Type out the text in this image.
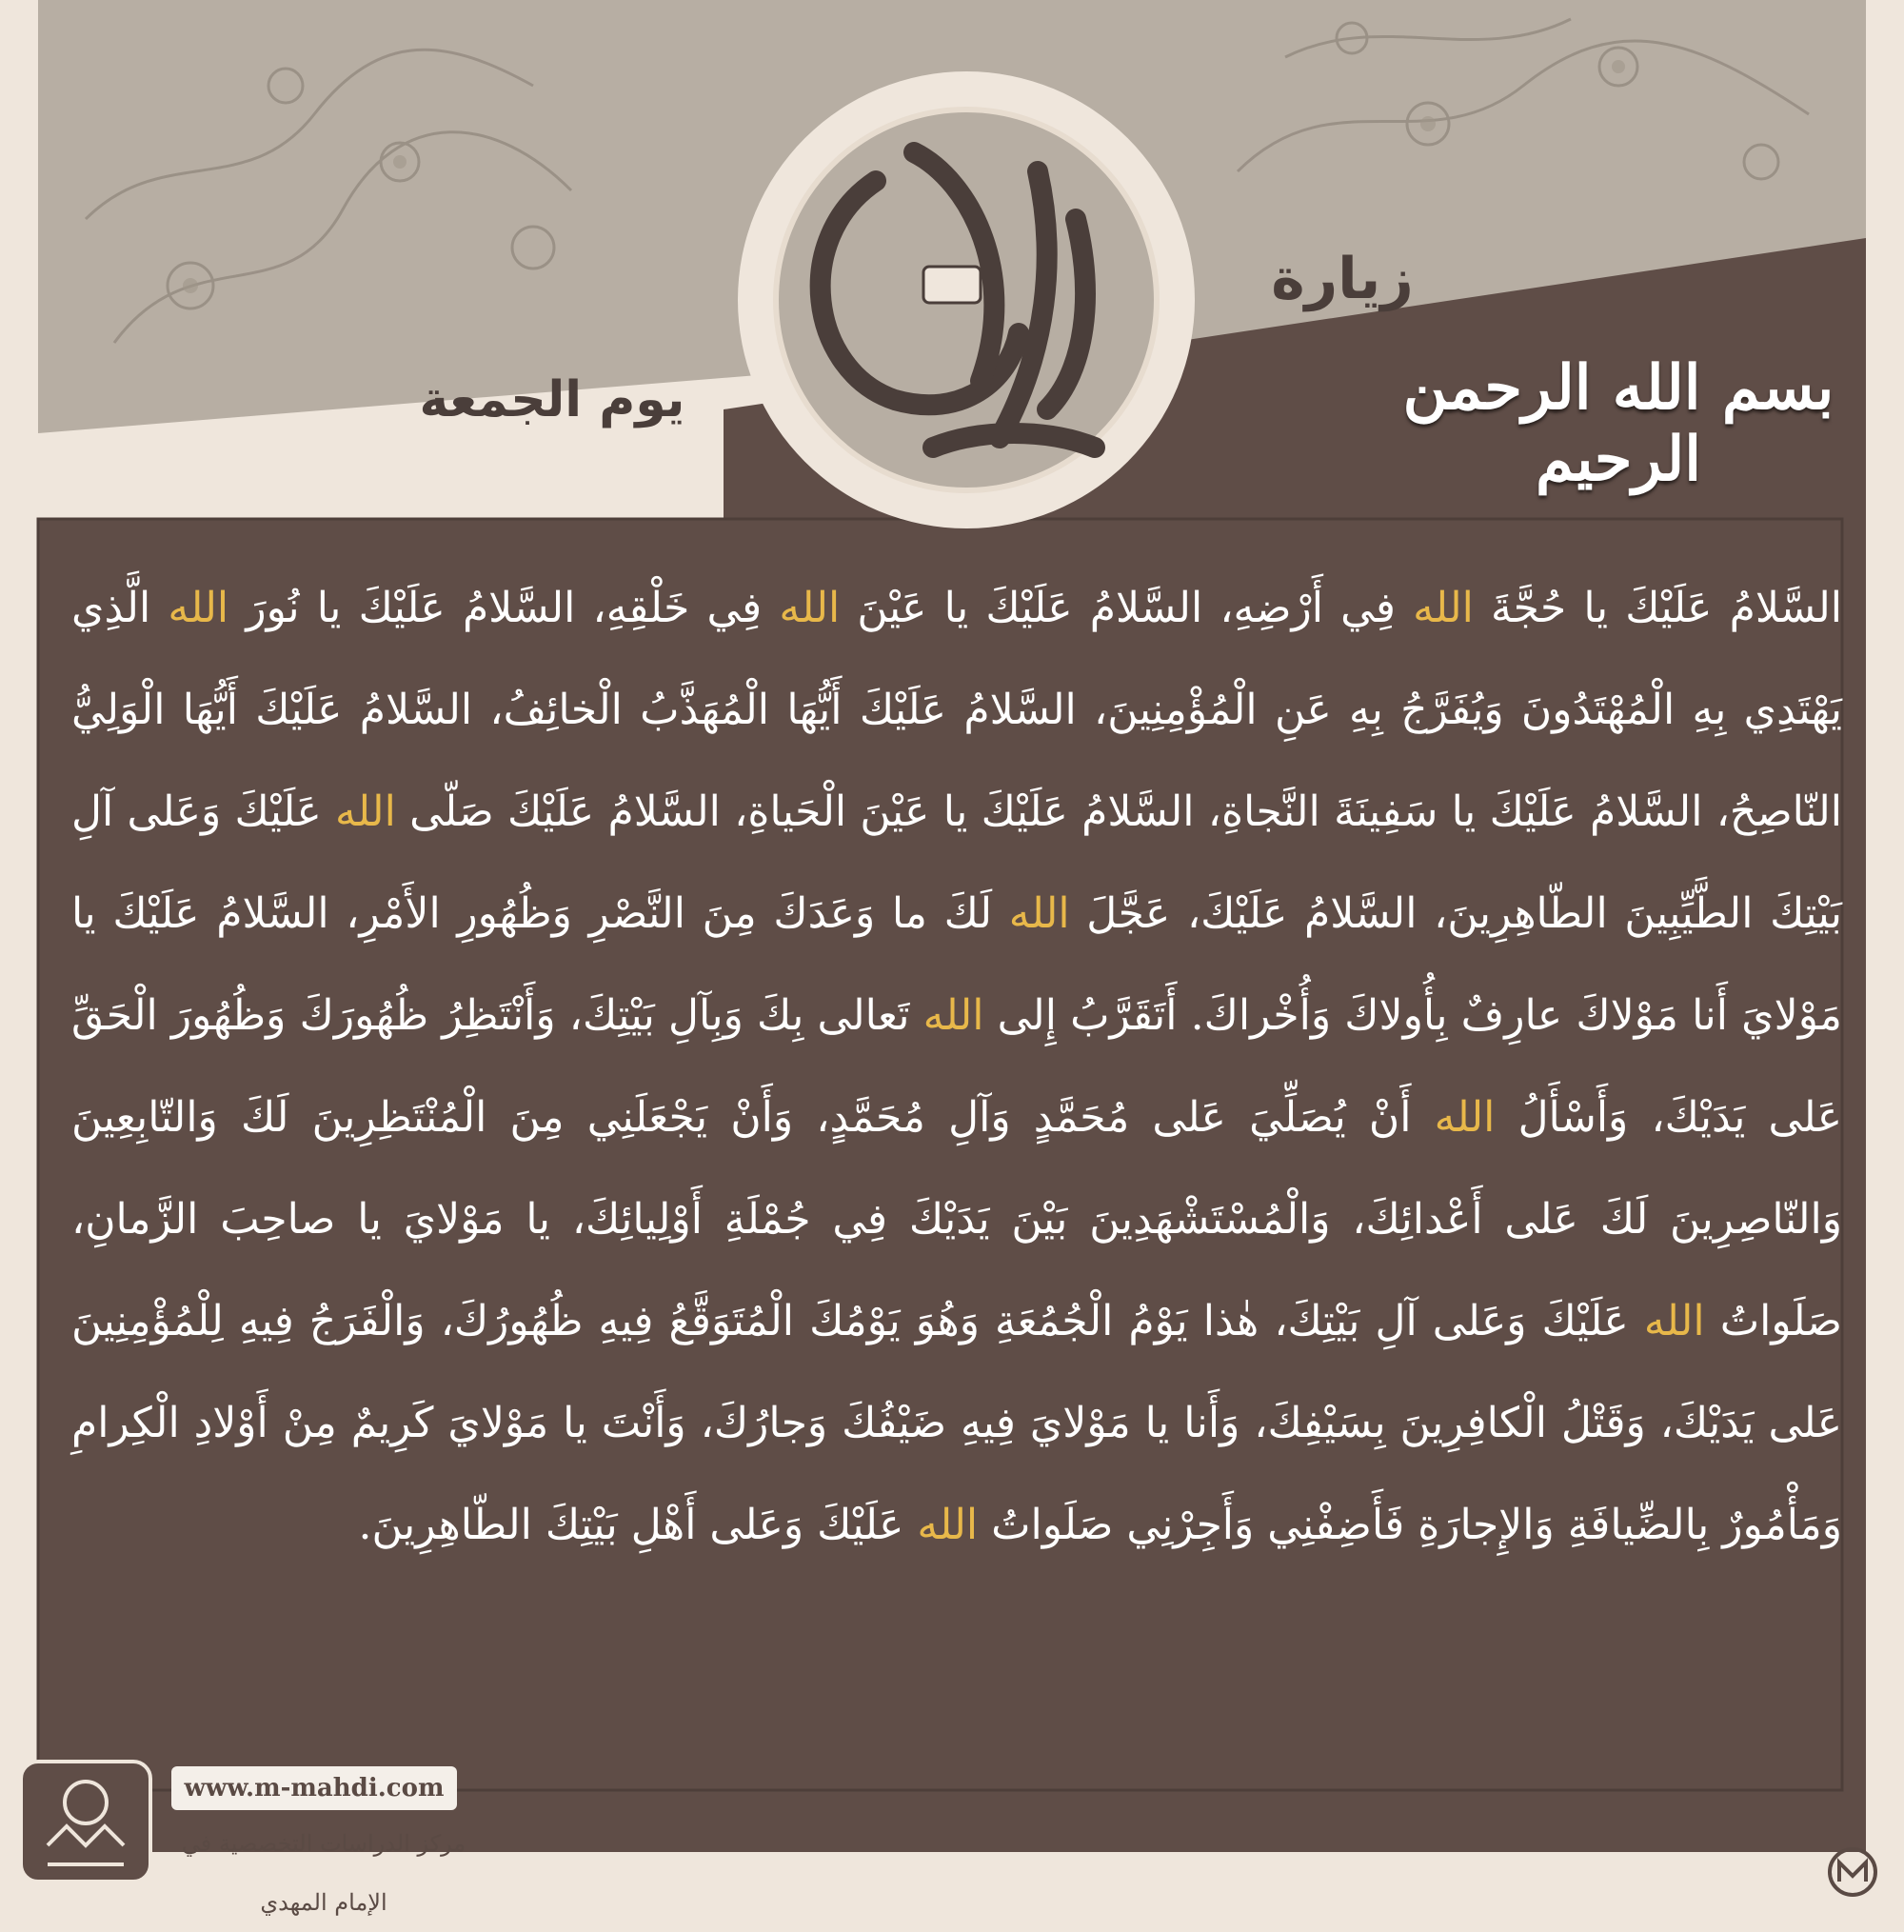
زيارة
يوم الجمعة	بسم الله الرحمن الرحيم
السَّلامُ عَلَيْكَ يا حُجَّةَ الله فِي أَرْضِهِ، السَّلامُ عَلَيْكَ يا عَيْنَ الله فِي خَلْقِهِ، السَّلامُ عَلَيْكَ يا نُورَ الله الَّذِي يَهْتَدِي بِهِ الْمُهْتَدُونَ وَيُفَرَّجُ بِهِ عَنِ الْمُؤْمِنِينَ، السَّلامُ عَلَيْكَ أَيُّهَا الْمُهَذَّبُ الْخائِفُ، السَّلامُ عَلَيْكَ أَيُّهَا الْوَلِيُّ النّاصِحُ، السَّلامُ عَلَيْكَ يا سَفِينَةَ النَّجاةِ، السَّلامُ عَلَيْكَ يا عَيْنَ الْحَياةِ، السَّلامُ عَلَيْكَ صَلّى الله عَلَيْكَ وَعَلى آلِ بَيْتِكَ الطَّيِّبِينَ الطّاهِرِينَ، السَّلامُ عَلَيْكَ، عَجَّلَ الله لَكَ ما وَعَدَكَ مِنَ النَّصْرِ وَظُهُورِ الأَمْرِ، السَّلامُ عَلَيْكَ يا مَوْلايَ أَنا مَوْلاكَ عارِفٌ بِأُولاكَ وَأُخْراكَ. أَتَقَرَّبُ إِلى الله تَعالى بِكَ وَبِآلِ بَيْتِكَ، وَأَنْتَظِرُ ظُهُورَكَ وَظُهُورَ الْحَقِّ عَلى يَدَيْكَ، وَأَسْأَلُ الله أَنْ يُصَلِّيَ عَلى مُحَمَّدٍ وَآلِ مُحَمَّدٍ، وَأَنْ يَجْعَلَنِي مِنَ الْمُنْتَظِرِينَ لَكَ وَالتّابِعِينَ وَالنّاصِرِينَ لَكَ عَلى أَعْدائِكَ، وَالْمُسْتَشْهَدِينَ بَيْنَ يَدَيْكَ فِي جُمْلَةِ أَوْلِيائِكَ، يا مَوْلايَ يا صاحِبَ الزَّمانِ، صَلَواتُ الله عَلَيْكَ وَعَلى آلِ بَيْتِكَ، هٰذا يَوْمُ الْجُمُعَةِ وَهُوَ يَوْمُكَ الْمُتَوَقَّعُ فِيهِ ظُهُورُكَ، وَالْفَرَجُ فِيهِ لِلْمُؤْمِنِينَ عَلى يَدَيْكَ، وَقَتْلُ الْكافِرِينَ بِسَيْفِكَ، وَأَنا يا مَوْلايَ فِيهِ ضَيْفُكَ وَجارُكَ، وَأَنْتَ يا مَوْلايَ كَرِيمٌ مِنْ أَوْلادِ الْكِرامِ وَمَأْمُورٌ بِالضِّيافَةِ وَالإِجارَةِ فَأَضِفْنِي وَأَجِرْنِي صَلَواتُ الله عَلَيْكَ وَعَلى أَهْلِ بَيْتِكَ الطّاهِرِينَ.
www.m-mahdi.com
مركز الدراسات التخصصية في الإمام المهدي
